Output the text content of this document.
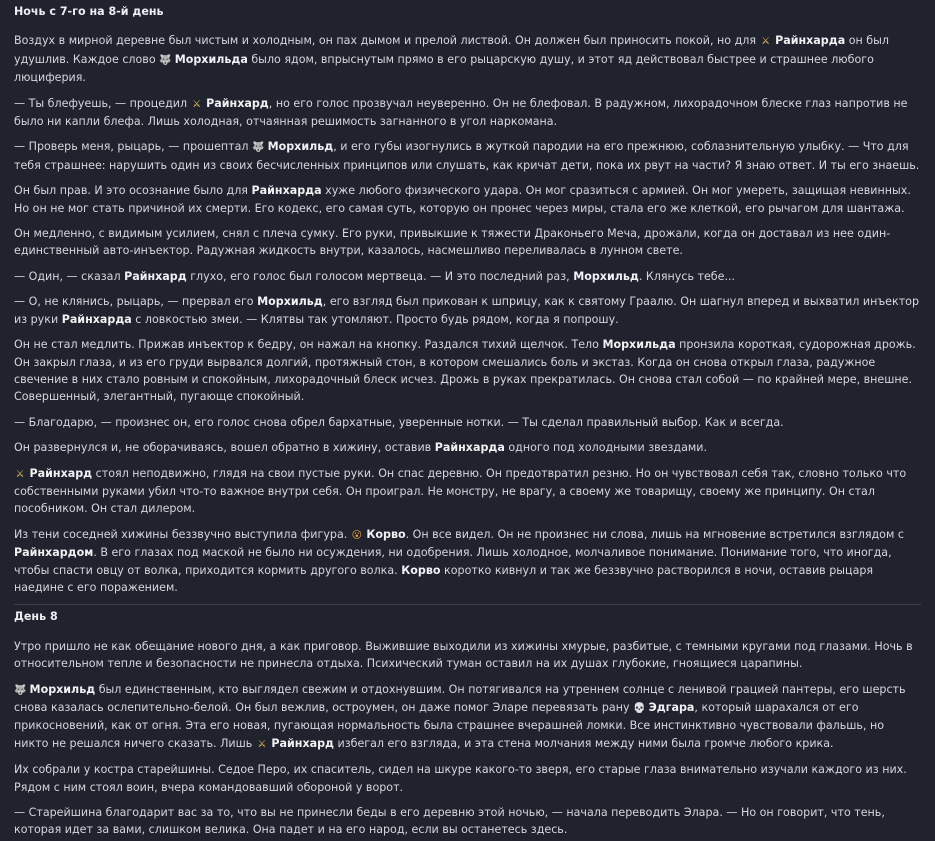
Ночь с 7-го на 8-й день

Воздух в мирной деревне был чистым и холодным, он пах дымом и прелой листвой. Он должен был приносить покой, но для ⚔ Райнхарда он был удушлив. Каждое слово 🐺 Морхильда было ядом, впрыснутым прямо в его рыцарскую душу, и этот яд действовал быстрее и страшнее любого люциферия.

— Ты блефуешь, — процедил ⚔ Райнхард, но его голос прозвучал неуверенно. Он не блефовал. В радужном, лихорадочном блеске глаз напротив не было ни капли блефа. Лишь холодная, отчаянная решимость загнанного в угол наркомана.

— Проверь меня, рыцарь, — прошептал 🐺 Морхильд, и его губы изогнулись в жуткой пародии на его прежнюю, соблазнительную улыбку. — Что для тебя страшнее: нарушить один из своих бесчисленных принципов или слушать, как кричат дети, пока их рвут на части? Я знаю ответ. И ты его знаешь.

Он был прав. И это осознание было для Райнхарда хуже любого физического удара. Он мог сразиться с армией. Он мог умереть, защищая невинных. Но он не мог стать причиной их смерти. Его кодекс, его самая суть, которую он пронес через миры, стала его же клеткой, его рычагом для шантажа.

Он медленно, с видимым усилием, снял с плеча сумку. Его руки, привыкшие к тяжести Драконьего Меча, дрожали, когда он доставал из нее один-единственный авто-инъектор. Радужная жидкость внутри, казалось, насмешливо переливалась в лунном свете.

— Один, — сказал Райнхард глухо, его голос был голосом мертвеца. — И это последний раз, Морхильд. Клянусь тебе...

— О, не клянись, рыцарь, — прервал его Морхильд, его взгляд был прикован к шприцу, как к святому Граалю. Он шагнул вперед и выхватил инъектор из руки Райнхарда с ловкостью змеи. — Клятвы так утомляют. Просто будь рядом, когда я попрошу.

Он не стал медлить. Прижав инъектор к бедру, он нажал на кнопку. Раздался тихий щелчок. Тело Морхильда пронзила короткая, судорожная дрожь. Он закрыл глаза, и из его груди вырвался долгий, протяжный стон, в котором смешались боль и экстаз. Когда он снова открыл глаза, радужное свечение в них стало ровным и спокойным, лихорадочный блеск исчез. Дрожь в руках прекратилась. Он снова стал собой — по крайней мере, внешне. Совершенный, элегантный, пугающе спокойный.

— Благодарю, — произнес он, его голос снова обрел бархатные, уверенные нотки. — Ты сделал правильный выбор. Как и всегда.

Он развернулся и, не оборачиваясь, вошел обратно в хижину, оставив Райнхарда одного под холодными звездами.

⚔ Райнхард стоял неподвижно, глядя на свои пустые руки. Он спас деревню. Он предотвратил резню. Но он чувствовал себя так, словно только что собственными руками убил что-то важное внутри себя. Он проиграл. Не монстру, не врагу, а своему же товарищу, своему же принципу. Он стал пособником. Он стал дилером.

Из тени соседней хижины беззвучно выступила фигура. 😮 Корво. Он все видел. Он не произнес ни слова, лишь на мгновение встретился взглядом с Райнхардом. В его глазах под маской не было ни осуждения, ни одобрения. Лишь холодное, молчаливое понимание. Понимание того, что иногда, чтобы спасти овцу от волка, приходится кормить другого волка. Корво коротко кивнул и так же беззвучно растворился в ночи, оставив рыцаря наедине с его поражением.

День 8

Утро пришло не как обещание нового дня, а как приговор. Выжившие выходили из хижины хмурые, разбитые, с темными кругами под глазами. Ночь в относительном тепле и безопасности не принесла отдыха. Психический туман оставил на их душах глубокие, гноящиеся царапины.

🐺 Морхильд был единственным, кто выглядел свежим и отдохнувшим. Он потягивался на утреннем солнце с ленивой грацией пантеры, его шерсть снова казалась ослепительно-белой. Он был вежлив, остроумен, он даже помог Эларе перевязать рану 💀 Эдгара, который шарахался от его прикосновений, как от огня. Эта его новая, пугающая нормальность была страшнее вчерашней ломки. Все инстинктивно чувствовали фальшь, но никто не решался ничего сказать. Лишь ⚔ Райнхард избегал его взгляда, и эта стена молчания между ними была громче любого крика.

Их собрали у костра старейшины. Седое Перо, их спаситель, сидел на шкуре какого-то зверя, его старые глаза внимательно изучали каждого из них. Рядом с ним стоял воин, вчера командовавший обороной у ворот.

— Старейшина благодарит вас за то, что вы не принесли беды в его деревню этой ночью, — начала переводить Элара. — Но он говорит, что тень, которая идет за вами, слишком велика. Она падет и на его народ, если вы останетесь здесь.
